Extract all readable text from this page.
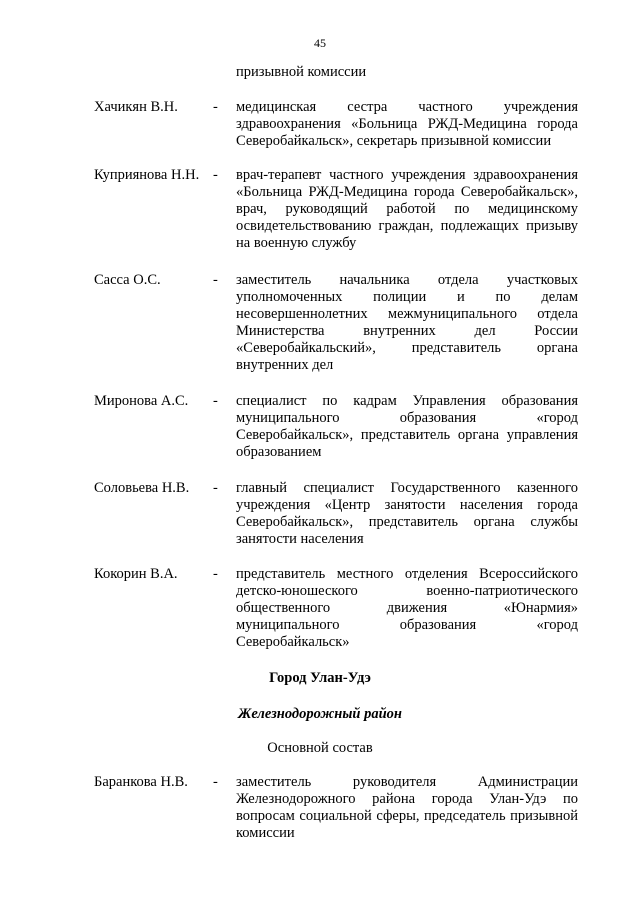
45
призывной комиссии
Хачикян В.Н. - медицинская сестра частного учреждения здравоохранения «Больница РЖД-Медицина города Северобайкальск», секретарь призывной комиссии
Куприянова Н.Н. - врач-терапевт частного учреждения здравоохранения «Больница РЖД-Медицина города Северобайкальск», врач, руководящий работой по медицинскому освидетельствованию граждан, подлежащих призыву на военную службу
Сасса О.С.	- заместитель начальника отдела участковых уполномоченных полиции и по делам несовершеннолетних межмуниципального отдела Министерства внутренних дел России «Северобайкальский», представитель органа внутренних дел
Миронова А.С. - специалист по кадрам Управления образования муниципального образования «город Северобайкальск», представитель органа управления образованием
Соловьева Н.В. - главный специалист Государственного казенного учреждения «Центр занятости населения города Северобайкальск», представитель органа службы занятости населения
Кокорин В.А. - представитель местного отделения Всероссийского детско-юношеского военно-патриотического общественного движения «Юнармия» муниципального образования «город Северобайкальск»
Город Улан-Удэ
Железнодорожный район
Основной состав
Баранкова Н.В. - заместитель руководителя Администрации Железнодорожного района города Улан-Удэ по вопросам социальной сферы, председатель призывной комиссии
